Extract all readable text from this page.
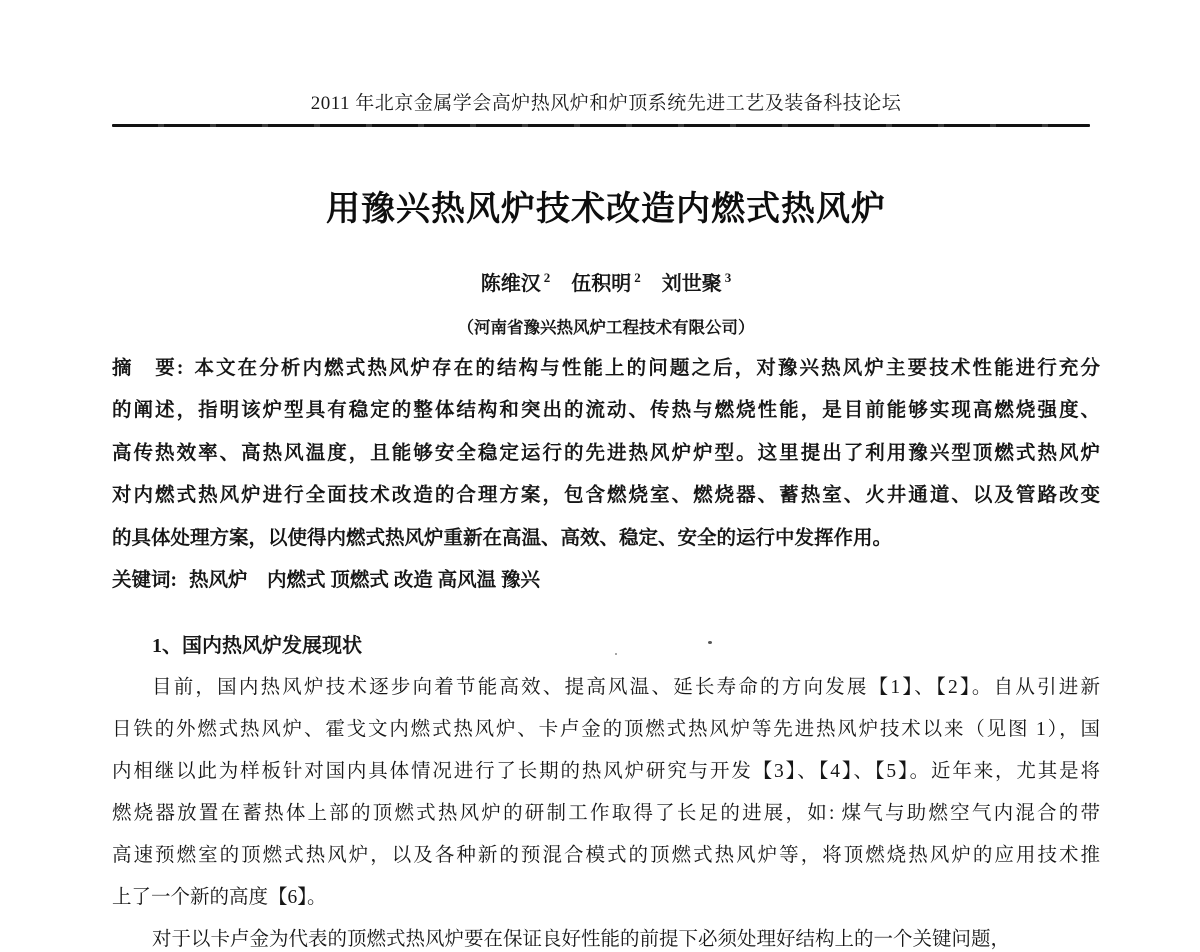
2011 年北京金属学会高炉热风炉和炉顶系统先进工艺及装备科技论坛
用豫兴热风炉技术改造内燃式热风炉
陈维汉 $^2$ 伍积明 $^2$ 刘世聚 $^3$
（河南省豫兴热风炉工程技术有限公司）
摘　要: 本文在分析内燃式热风炉存在的结构与性能上的问题之后，对豫兴热风炉主要技术性能进行充分
的阐述，指明该炉型具有稳定的整体结构和突出的流动、传热与燃烧性能，是目前能够实现高燃烧强度、
高传热效率、高热风温度，且能够安全稳定运行的先进热风炉炉型。这里提出了利用豫兴型顶燃式热风炉
对内燃式热风炉进行全面技术改造的合理方案，包含燃烧室、燃烧器、蓄热室、火井通道、以及管路改变
的具体处理方案，以使得内燃式热风炉重新在高温、高效、稳定、安全的运行中发挥作用。
关键词: 热风炉　内燃式 顶燃式 改造 高风温 豫兴
1、国内热风炉发展现状
目前，国内热风炉技术逐步向着节能高效、提高风温、延长寿命的方向发展【1】、【2】。自从引进新
日铁的外燃式热风炉、霍戈文内燃式热风炉、卡卢金的顶燃式热风炉等先进热风炉技术以来（见图 1），国
内相继以此为样板针对国内具体情况进行了长期的热风炉研究与开发【3】、【4】、【5】。近年来，尤其是将
燃烧器放置在蓄热体上部的顶燃式热风炉的研制工作取得了长足的进展，如: 煤气与助燃空气内混合的带
高速预燃室的顶燃式热风炉，以及各种新的预混合模式的顶燃式热风炉等，将顶燃烧热风炉的应用技术推
上了一个新的高度【6】。
对于以卡卢金为代表的顶燃式热风炉要在保证良好性能的前提下必须处理好结构上的一个关键问题，
